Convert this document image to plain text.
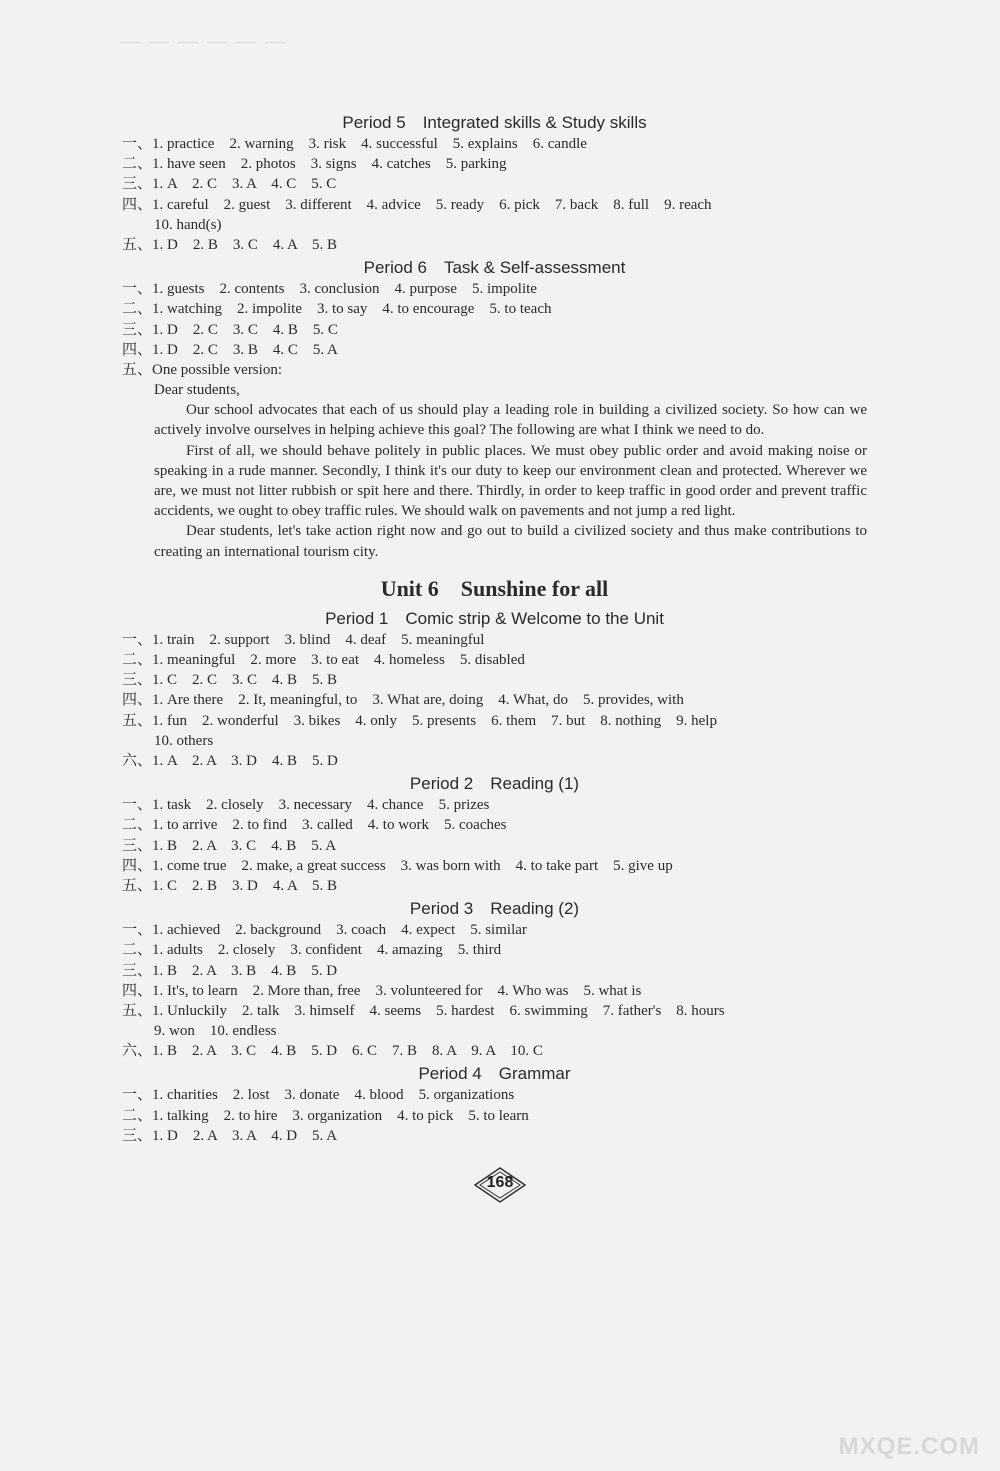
— — — — — —
Period 5　Integrated skills & Study skills
一、1. practice　2. warning　3. risk　4. successful　5. explains　6. candle
二、1. have seen　2. photos　3. signs　4. catches　5. parking
三、1. A　2. C　3. A　4. C　5. C
四、1. careful　2. guest　3. different　4. advice　5. ready　6. pick　7. back　8. full　9. reach
10. hand(s)
五、1. D　2. B　3. C　4. A　5. B
Period 6　Task & Self-assessment
一、1. guests　2. contents　3. conclusion　4. purpose　5. impolite
二、1. watching　2. impolite　3. to say　4. to encourage　5. to teach
三、1. D　2. C　3. C　4. B　5. C
四、1. D　2. C　3. B　4. C　5. A
五、One possible version:
Dear students,
Our school advocates that each of us should play a leading role in building a civilized society. So how can we actively involve ourselves in helping achieve this goal? The following are what I think we need to do.
First of all, we should behave politely in public places. We must obey public order and avoid making noise or speaking in a rude manner. Secondly, I think it's our duty to keep our environment clean and protected. Wherever we are, we must not litter rubbish or spit here and there. Thirdly, in order to keep traffic in good order and prevent traffic accidents, we ought to obey traffic rules. We should walk on pavements and not jump a red light.
Dear students, let's take action right now and go out to build a civilized society and thus make contributions to creating an international tourism city.
Unit 6　Sunshine for all
Period 1　Comic strip & Welcome to the Unit
一、1. train　2. support　3. blind　4. deaf　5. meaningful
二、1. meaningful　2. more　3. to eat　4. homeless　5. disabled
三、1. C　2. C　3. C　4. B　5. B
四、1. Are there　2. It, meaningful, to　3. What are, doing　4. What, do　5. provides, with
五、1. fun　2. wonderful　3. bikes　4. only　5. presents　6. them　7. but　8. nothing　9. help
10. others
六、1. A　2. A　3. D　4. B　5. D
Period 2　Reading (1)
一、1. task　2. closely　3. necessary　4. chance　5. prizes
二、1. to arrive　2. to find　3. called　4. to work　5. coaches
三、1. B　2. A　3. C　4. B　5. A
四、1. come true　2. make, a great success　3. was born with　4. to take part　5. give up
五、1. C　2. B　3. D　4. A　5. B
Period 3　Reading (2)
一、1. achieved　2. background　3. coach　4. expect　5. similar
二、1. adults　2. closely　3. confident　4. amazing　5. third
三、1. B　2. A　3. B　4. B　5. D
四、1. It's, to learn　2. More than, free　3. volunteered for　4. Who was　5. what is
五、1. Unluckily　2. talk　3. himself　4. seems　5. hardest　6. swimming　7. father's　8. hours
9. won　10. endless
六、1. B　2. A　3. C　4. B　5. D　6. C　7. B　8. A　9. A　10. C
Period 4　Grammar
一、1. charities　2. lost　3. donate　4. blood　5. organizations
二、1. talking　2. to hire　3. organization　4. to pick　5. to learn
三、1. D　2. A　3. A　4. D　5. A
168
MXQE.COM
